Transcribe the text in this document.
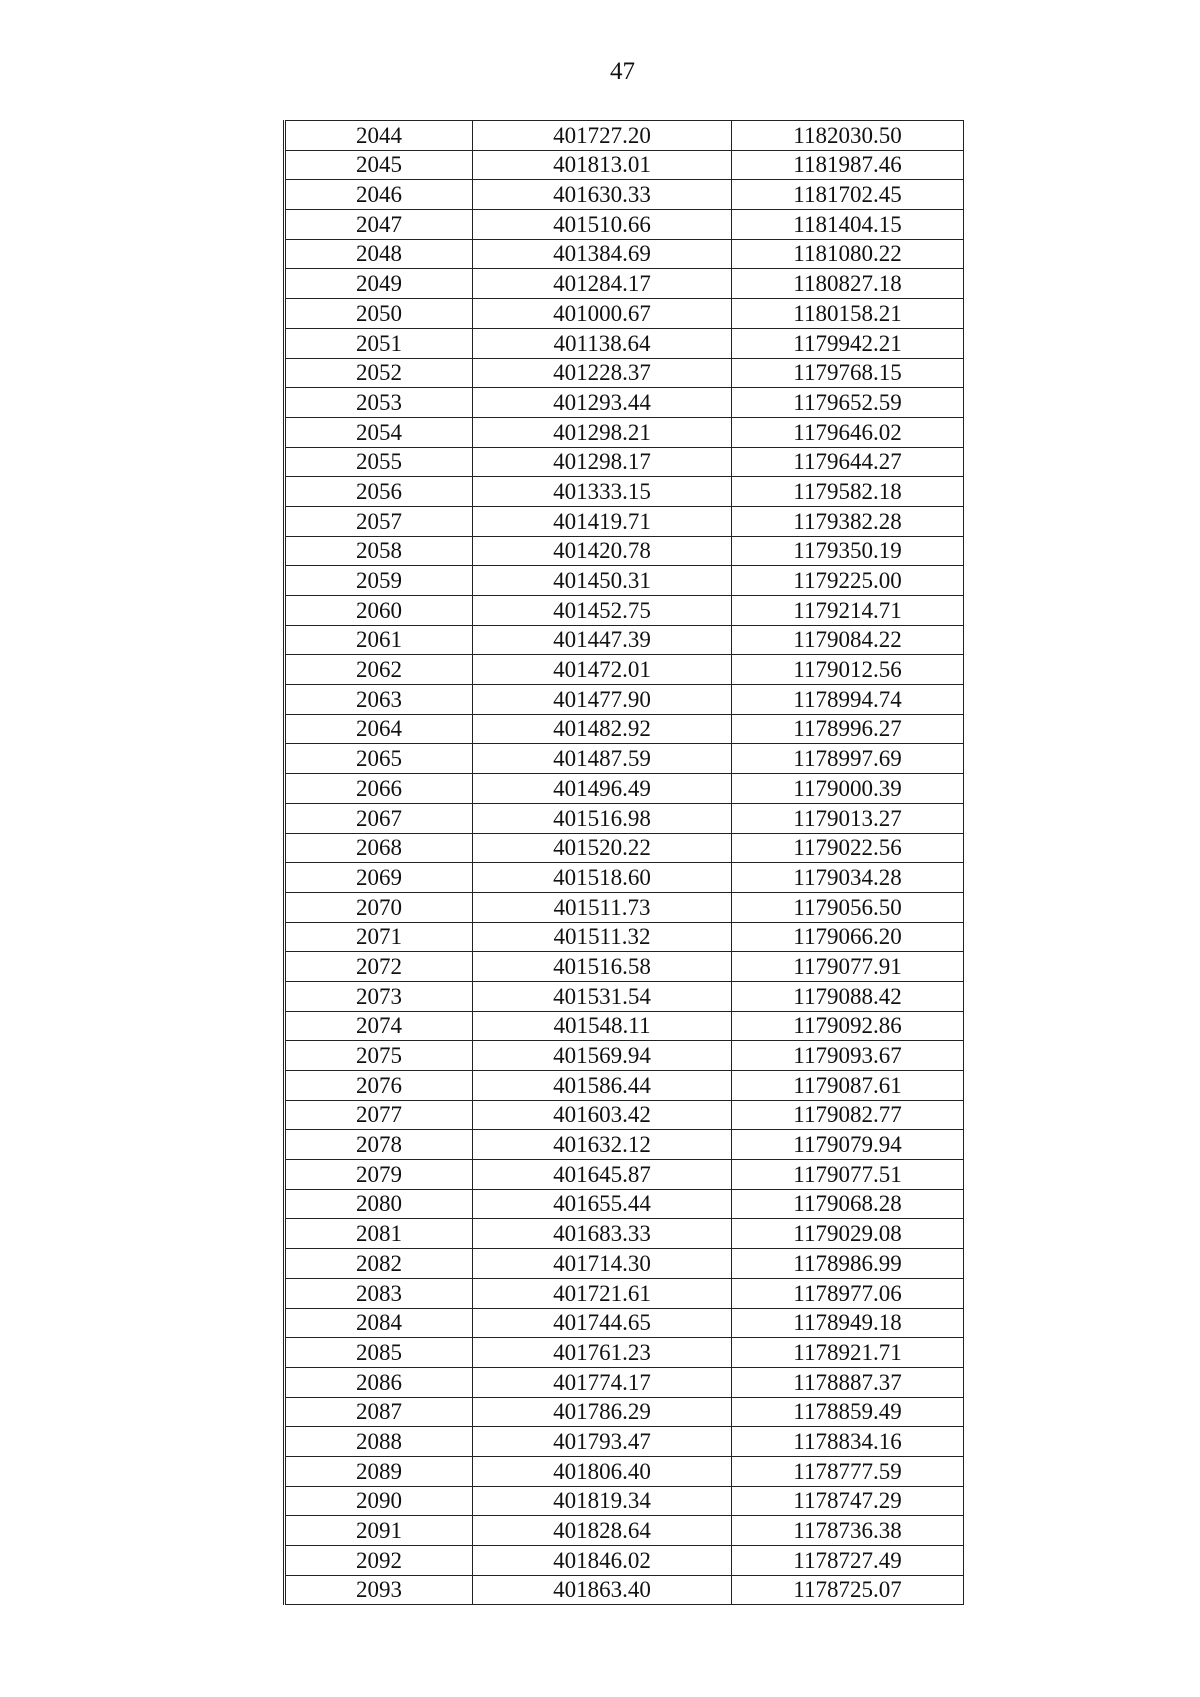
47
2044	401727.20	1182030.50
2045	401813.01	1181987.46
2046	401630.33	1181702.45
2047	401510.66	1181404.15
2048	401384.69	1181080.22
2049	401284.17	1180827.18
2050	401000.67	1180158.21
2051	401138.64	1179942.21
2052	401228.37	1179768.15
2053	401293.44	1179652.59
2054	401298.21	1179646.02
2055	401298.17	1179644.27
2056	401333.15	1179582.18
2057	401419.71	1179382.28
2058	401420.78	1179350.19
2059	401450.31	1179225.00
2060	401452.75	1179214.71
2061	401447.39	1179084.22
2062	401472.01	1179012.56
2063	401477.90	1178994.74
2064	401482.92	1178996.27
2065	401487.59	1178997.69
2066	401496.49	1179000.39
2067	401516.98	1179013.27
2068	401520.22	1179022.56
2069	401518.60	1179034.28
2070	401511.73	1179056.50
2071	401511.32	1179066.20
2072	401516.58	1179077.91
2073	401531.54	1179088.42
2074	401548.11	1179092.86
2075	401569.94	1179093.67
2076	401586.44	1179087.61
2077	401603.42	1179082.77
2078	401632.12	1179079.94
2079	401645.87	1179077.51
2080	401655.44	1179068.28
2081	401683.33	1179029.08
2082	401714.30	1178986.99
2083	401721.61	1178977.06
2084	401744.65	1178949.18
2085	401761.23	1178921.71
2086	401774.17	1178887.37
2087	401786.29	1178859.49
2088	401793.47	1178834.16
2089	401806.40	1178777.59
2090	401819.34	1178747.29
2091	401828.64	1178736.38
2092	401846.02	1178727.49
2093	401863.40	1178725.07
